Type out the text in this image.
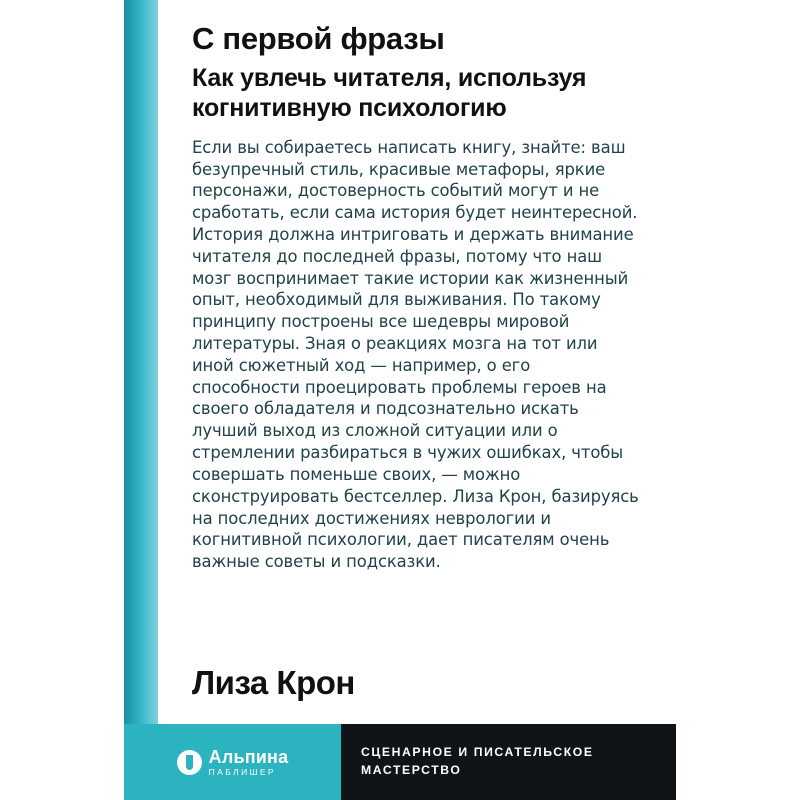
С первой фразы
Как увлечь читателя, используя когнитивную психологию

Если вы собираетесь написать книгу, знайте: ваш безупречный стиль, красивые метафоры, яркие персонажи, достоверность событий могут и не сработать, если сама история будет неинтересной. История должна интриговать и держать внимание читателя до последней фразы, потому что наш мозг воспринимает такие истории как жизненный опыт, необходимый для выживания. По такому принципу построены все шедевры мировой литературы. Зная о реакциях мозга на тот или иной сюжетный ход — например, о его способности проецировать проблемы героев на своего обладателя и подсознательно искать лучший выход из сложной ситуации или о стремлении разбираться в чужих ошибках, чтобы совершать поменьше своих, — можно сконструировать бестселлер. Лиза Крон, базируясь на последних достижениях неврологии и когнитивной психологии, дает писателям очень важные советы и подсказки.

Лиза Крон
Альпина
ПАБЛИШЕР
СЦЕНАРНОЕ И ПИСАТЕЛЬСКОЕ
МАСТЕРСТВО
